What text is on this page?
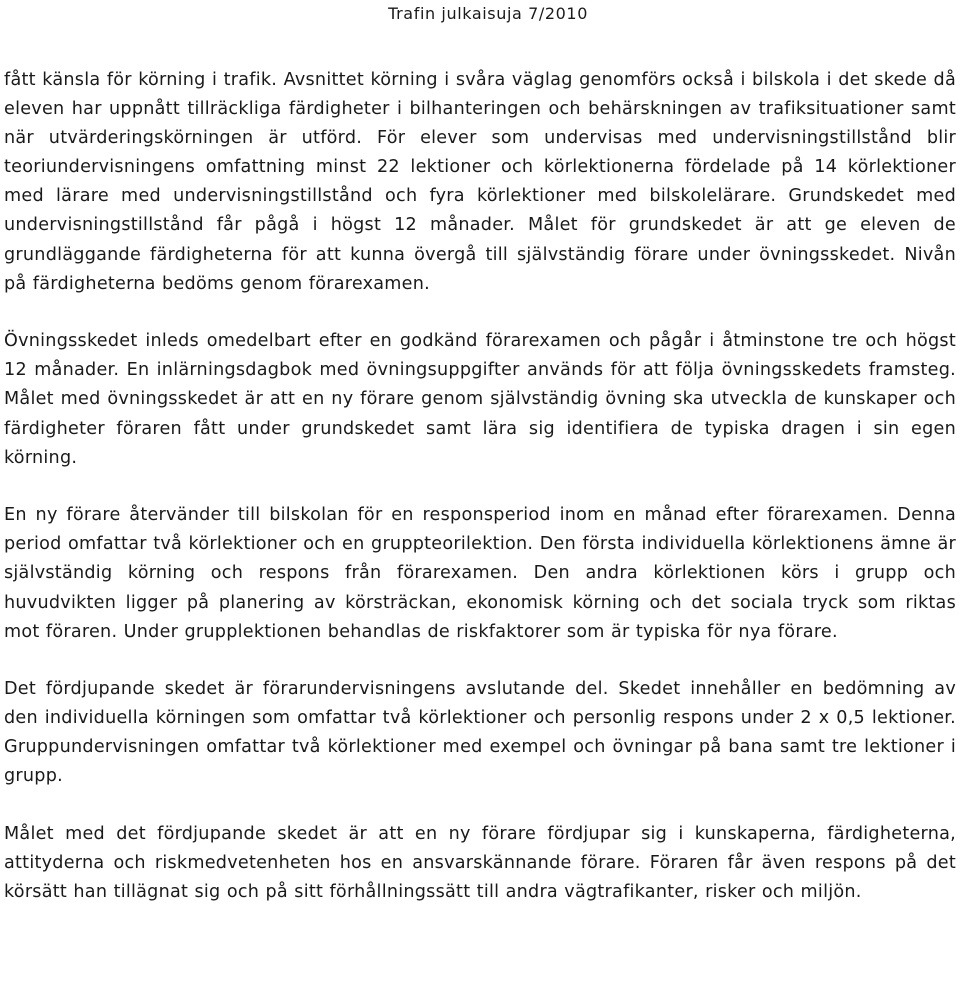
Trafin julkaisuja 7/2010

fått känsla för körning i trafik. Avsnittet körning i svåra väglag genomförs också i bilskola i det skede då eleven har uppnått tillräckliga färdigheter i bilhanteringen och behärskningen av trafiksituationer samt när utvärderingskörningen är utförd. För elever som undervisas med undervisningstillstånd blir teoriundervisningens omfattning minst 22 lektioner och körlektionerna fördelade på 14 körlektioner med lärare med undervisningstillstånd och fyra körlektioner med bilskolelärare. Grundskedet med undervisningstillstånd får pågå i högst 12 månader. Målet för grundskedet är att ge eleven de grundläggande färdigheterna för att kunna övergå till självständig förare under övningsskedet. Nivån på färdigheterna bedöms genom förarexamen.

Övningsskedet inleds omedelbart efter en godkänd förarexamen och pågår i åtminstone tre och högst 12 månader. En inlärningsdagbok med övningsuppgifter används för att följa övningsskedets framsteg. Målet med övningsskedet är att en ny förare genom självständig övning ska utveckla de kunskaper och färdigheter föraren fått under grundskedet samt lära sig identifiera de typiska dragen i sin egen körning.

En ny förare återvänder till bilskolan för en responsperiod inom en månad efter förarexamen. Denna period omfattar två körlektioner och en gruppteorilektion. Den första individuella körlektionens ämne är självständig körning och respons från förarexamen. Den andra körlektionen körs i grupp och huvudvikten ligger på planering av körsträckan, ekonomisk körning och det sociala tryck som riktas mot föraren. Under grupplektionen behandlas de riskfaktorer som är typiska för nya förare.

Det fördjupande skedet är förarundervisningens avslutande del. Skedet innehåller en bedömning av den individuella körningen som omfattar två körlektioner och personlig respons under 2 x 0,5 lektioner. Gruppundervisningen omfattar två körlektioner med exempel och övningar på bana samt tre lektioner i grupp.

Målet med det fördjupande skedet är att en ny förare fördjupar sig i kunskaperna, färdigheterna, attityderna och riskmedvetenheten hos en ansvarskännande förare. Föraren får även respons på det körsätt han tillägnat sig och på sitt förhållningssätt till andra vägtrafikanter, risker och miljön.
